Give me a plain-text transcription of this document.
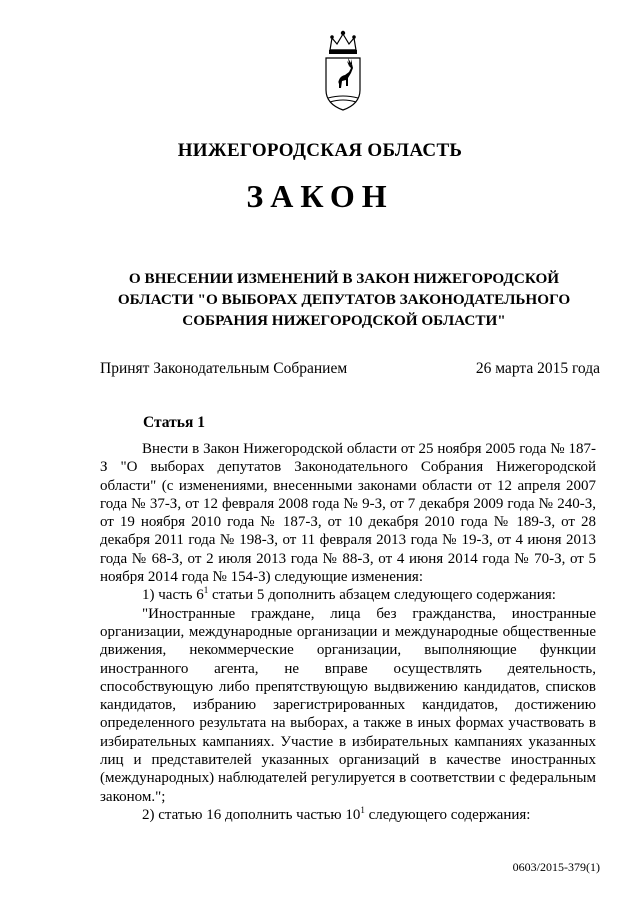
НИЖЕГОРОДСКАЯ ОБЛАСТЬ
ЗАКОН
О ВНЕСЕНИИ ИЗМЕНЕНИЙ В ЗАКОН НИЖЕГОРОДСКОЙ ОБЛАСТИ "О ВЫБОРАХ ДЕПУТАТОВ ЗАКОНОДАТЕЛЬНОГО СОБРАНИЯ НИЖЕГОРОДСКОЙ ОБЛАСТИ"
Принят Законодательным Собранием	26 марта 2015 года
Статья 1

Внести в Закон Нижегородской области от 25 ноября 2005 года № 187-З "О выборах депутатов Законодательного Собрания Нижегородской области" (с изменениями, внесенными законами области от 12 апреля 2007 года № 37-З, от 12 февраля 2008 года № 9-З, от 7 декабря 2009 года № 240-З, от 19 ноября 2010 года № 187-З, от 10 декабря 2010 года № 189-З, от 28 декабря 2011 года № 198-З, от 11 февраля 2013 года № 19-З, от 4 июня 2013 года № 68-З, от 2 июля 2013 года № 88-З, от 4 июня 2014 года № 70-З, от 5 ноября 2014 года № 154-З) следующие изменения:

1) часть $6^1$ статьи 5 дополнить абзацем следующего содержания:

"Иностранные граждане, лица без гражданства, иностранные организации, международные организации и международные общественные движения, некоммерческие организации, выполняющие функции иностранного агента, не вправе осуществлять деятельность, способствующую либо препятствующую выдвижению кандидатов, списков кандидатов, избранию зарегистрированных кандидатов, достижению определенного результата на выборах, а также в иных формах участвовать в избирательных кампаниях. Участие в избирательных кампаниях указанных лиц и представителей указанных организаций в качестве иностранных (международных) наблюдателей регулируется в соответствии с федеральным законом.";

2) статью 16 дополнить частью $10^1$ следующего содержания:

0603/2015-379(1)
